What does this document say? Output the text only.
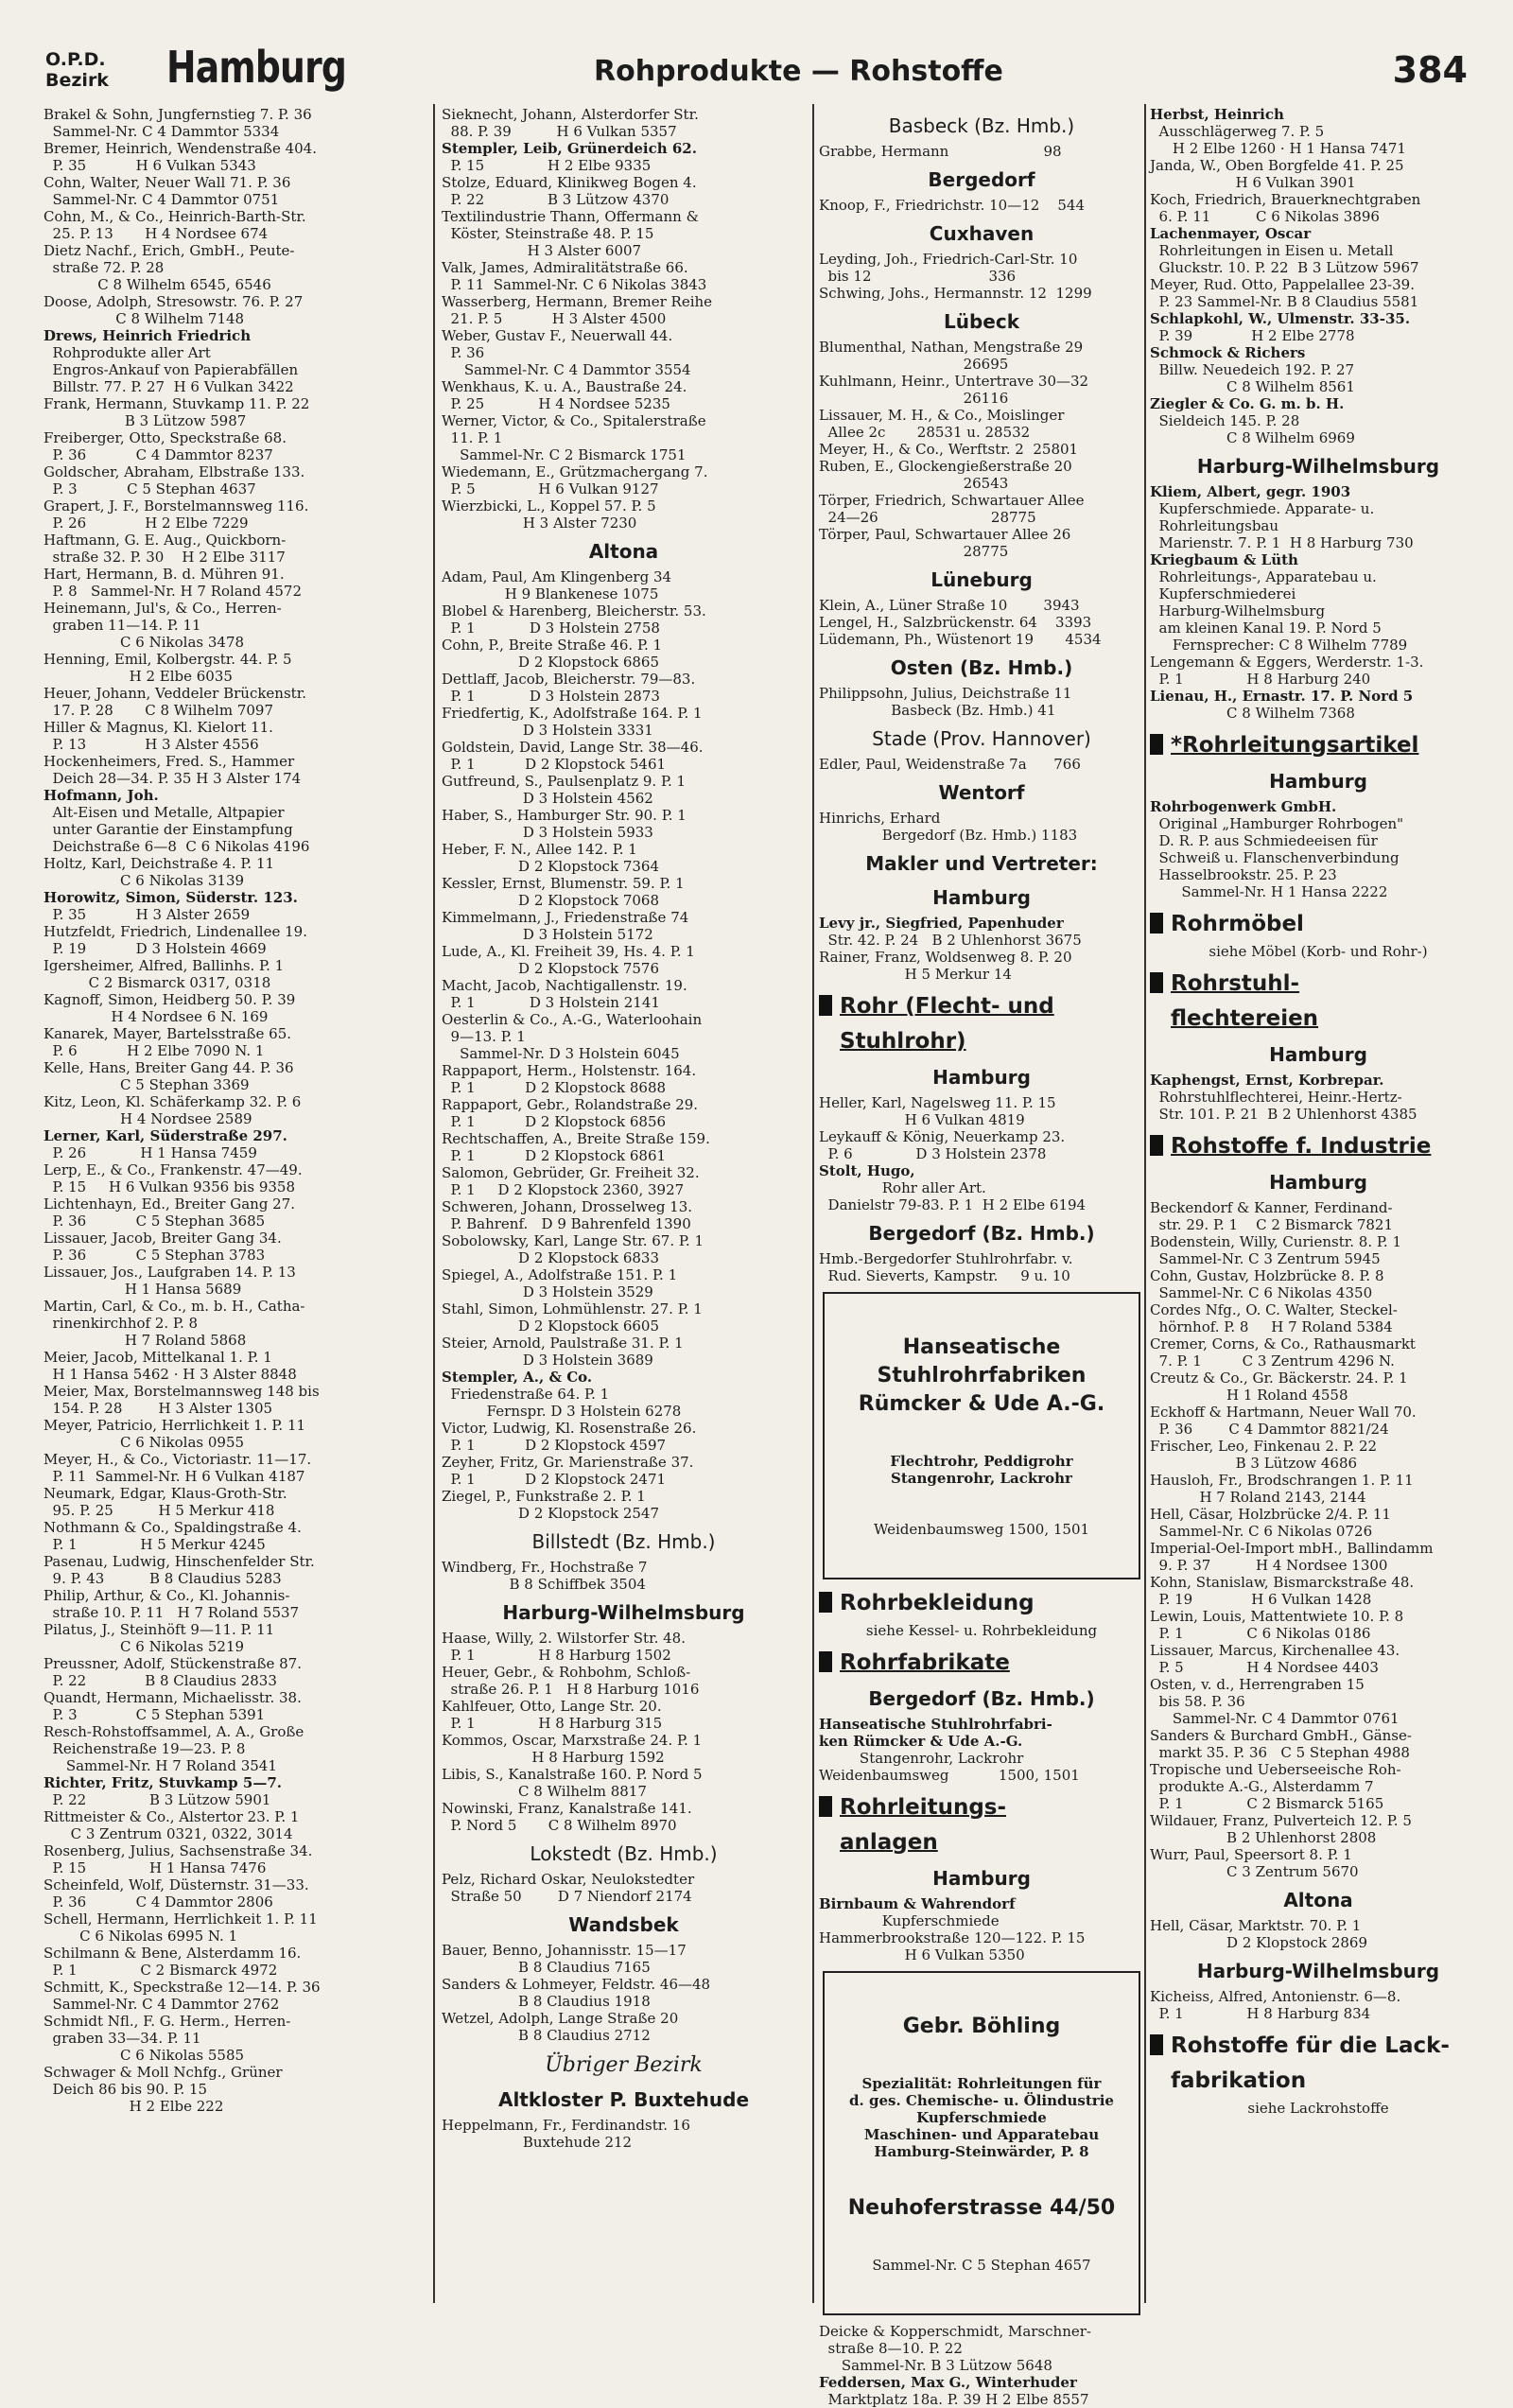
O.P.D.
Bezirk Hamburg	Rohprodukte — Rohstoffe	384
Brakel & Sohn, Jungfernstieg 7. P. 36
Sammel-Nr. C 4 Dammtor 5334
Bremer, Heinrich, Wendenstraße 404.
P. 35           H 6 Vulkan 5343
Cohn, Walter, Neuer Wall 71. P. 36
Sammel-Nr. C 4 Dammtor 0751
Cohn, M., & Co., Heinrich-Barth-Str.
25. P. 13       H 4 Nordsee 674
Dietz Nachf., Erich, GmbH., Peute-
straße 72. P. 28
C 8 Wilhelm 6545, 6546
Doose, Adolph, Stresowstr. 76. P. 27
C 8 Wilhelm 7148
Drews, Heinrich Friedrich
Rohprodukte aller Art
Engros-Ankauf von Papierabfällen
Billstr. 77. P. 27  H 6 Vulkan 3422
Frank, Hermann, Stuvkamp 11. P. 22
B 3 Lützow 5987
Freiberger, Otto, Speckstraße 68.
P. 36           C 4 Dammtor 8237
Goldscher, Abraham, Elbstraße 133.
P. 3           C 5 Stephan 4637
Grapert, J. F., Borstelmannsweg 116.
P. 26             H 2 Elbe 7229
Haftmann, G. E. Aug., Quickborn-
straße 32. P. 30    H 2 Elbe 3117
Hart, Hermann, B. d. Mühren 91.
P. 8   Sammel-Nr. H 7 Roland 4572
Heinemann, Jul's, & Co., Herren-
graben 11—14. P. 11
C 6 Nikolas 3478
Henning, Emil, Kolbergstr. 44. P. 5
H 2 Elbe 6035
Heuer, Johann, Veddeler Brückenstr.
17. P. 28       C 8 Wilhelm 7097
Hiller & Magnus, Kl. Kielort 11.
P. 13             H 3 Alster 4556
Hockenheimers, Fred. S., Hammer
Deich 28—34. P. 35 H 3 Alster 174
Hofmann, Joh.
Alt-Eisen und Metalle, Altpapier
unter Garantie der Einstampfung
Deichstraße 6—8  C 6 Nikolas 4196
Holtz, Karl, Deichstraße 4. P. 11
C 6 Nikolas 3139
Horowitz, Simon, Süderstr. 123.
P. 35           H 3 Alster 2659
Hutzfeldt, Friedrich, Lindenallee 19.
P. 19           D 3 Holstein 4669
Igersheimer, Alfred, Ballinhs. P. 1
C 2 Bismarck 0317, 0318
Kagnoff, Simon, Heidberg 50. P. 39
H 4 Nordsee 6 N. 169
Kanarek, Mayer, Bartelsstraße 65.
P. 6           H 2 Elbe 7090 N. 1
Kelle, Hans, Breiter Gang 44. P. 36
C 5 Stephan 3369
Kitz, Leon, Kl. Schäferkamp 32. P. 6
H 4 Nordsee 2589
Lerner, Karl, Süderstraße 297.
P. 26            H 1 Hansa 7459
Lerp, E., & Co., Frankenstr. 47—49.
P. 15     H 6 Vulkan 9356 bis 9358
Lichtenhayn, Ed., Breiter Gang 27.
P. 36           C 5 Stephan 3685
Lissauer, Jacob, Breiter Gang 34.
P. 36           C 5 Stephan 3783
Lissauer, Jos., Laufgraben 14. P. 13
H 1 Hansa 5689
Martin, Carl, & Co., m. b. H., Catha-
rinenkirchhof 2. P. 8
H 7 Roland 5868
Meier, Jacob, Mittelkanal 1. P. 1
H 1 Hansa 5462 · H 3 Alster 8848
Meier, Max, Borstelmannsweg 148 bis
154. P. 28        H 3 Alster 1305
Meyer, Patricio, Herrlichkeit 1. P. 11
C 6 Nikolas 0955
Meyer, H., & Co., Victoriastr. 11—17.
P. 11  Sammel-Nr. H 6 Vulkan 4187
Neumark, Edgar, Klaus-Groth-Str.
95. P. 25          H 5 Merkur 418
Nothmann & Co., Spaldingstraße 4.
P. 1              H 5 Merkur 4245
Pasenau, Ludwig, Hinschenfelder Str.
9. P. 43          B 8 Claudius 5283
Philip, Arthur, & Co., Kl. Johannis-
straße 10. P. 11   H 7 Roland 5537
Pilatus, J., Steinhöft 9—11. P. 11
C 6 Nikolas 5219
Preussner, Adolf, Stückenstraße 87.
P. 22             B 8 Claudius 2833
Quandt, Hermann, Michaelisstr. 38.
P. 3             C 5 Stephan 5391
Resch-Rohstoffsammel, A. A., Große
Reichenstraße 19—23. P. 8
Sammel-Nr. H 7 Roland 3541
Richter, Fritz, Stuvkamp 5—7.
P. 22              B 3 Lützow 5901
Rittmeister & Co., Alstertor 23. P. 1
C 3 Zentrum 0321, 0322, 3014
Rosenberg, Julius, Sachsenstraße 34.
P. 15              H 1 Hansa 7476
Scheinfeld, Wolf, Düsternstr. 31—33.
P. 36           C 4 Dammtor 2806
Schell, Hermann, Herrlichkeit 1. P. 11
C 6 Nikolas 6995 N. 1
Schilmann & Bene, Alsterdamm 16.
P. 1              C 2 Bismarck 4972
Schmitt, K., Speckstraße 12—14. P. 36
Sammel-Nr. C 4 Dammtor 2762
Schmidt Nfl., F. G. Herm., Herren-
graben 33—34. P. 11
C 6 Nikolas 5585
Schwager & Moll Nchfg., Grüner
Deich 86 bis 90. P. 15
H 2 Elbe 222
Sieknecht, Johann, Alsterdorfer Str.
88. P. 39          H 6 Vulkan 5357
Stempler, Leib, Grünerdeich 62.
P. 15              H 2 Elbe 9335
Stolze, Eduard, Klinikweg Bogen 4.
P. 22              B 3 Lützow 4370
Textilindustrie Thann, Offermann &
Köster, Steinstraße 48. P. 15
H 3 Alster 6007
Valk, James, Admiralitätstraße 66.
P. 11  Sammel-Nr. C 6 Nikolas 3843
Wasserberg, Hermann, Bremer Reihe
21. P. 5           H 3 Alster 4500
Weber, Gustav F., Neuerwall 44.
P. 36
Sammel-Nr. C 4 Dammtor 3554
Wenkhaus, K. u. A., Baustraße 24.
P. 25            H 4 Nordsee 5235
Werner, Victor, & Co., Spitalerstraße
11. P. 1
Sammel-Nr. C 2 Bismarck 1751
Wiedemann, E., Grützmachergang 7.
P. 5              H 6 Vulkan 9127
Wierzbicki, L., Koppel 57. P. 5
H 3 Alster 7230
Altona
Adam, Paul, Am Klingenberg 34
H 9 Blankenese 1075
Blobel & Harenberg, Bleicherstr. 53.
P. 1            D 3 Holstein 2758
Cohn, P., Breite Straße 46. P. 1
D 2 Klopstock 6865
Dettlaff, Jacob, Bleicherstr. 79—83.
P. 1            D 3 Holstein 2873
Friedfertig, K., Adolfstraße 164. P. 1
D 3 Holstein 3331
Goldstein, David, Lange Str. 38—46.
P. 1           D 2 Klopstock 5461
Gutfreund, S., Paulsenplatz 9. P. 1
D 3 Holstein 4562
Haber, S., Hamburger Str. 90. P. 1
D 3 Holstein 5933
Heber, F. N., Allee 142. P. 1
D 2 Klopstock 7364
Kessler, Ernst, Blumenstr. 59. P. 1
D 2 Klopstock 7068
Kimmelmann, J., Friedenstraße 74
D 3 Holstein 5172
Lude, A., Kl. Freiheit 39, Hs. 4. P. 1
D 2 Klopstock 7576
Macht, Jacob, Nachtigallenstr. 19.
P. 1            D 3 Holstein 2141
Oesterlin & Co., A.-G., Waterloohain
9—13. P. 1
Sammel-Nr. D 3 Holstein 6045
Rappaport, Herm., Holstenstr. 164.
P. 1           D 2 Klopstock 8688
Rappaport, Gebr., Rolandstraße 29.
P. 1           D 2 Klopstock 6856
Rechtschaffen, A., Breite Straße 159.
P. 1           D 2 Klopstock 6861
Salomon, Gebrüder, Gr. Freiheit 32.
P. 1     D 2 Klopstock 2360, 3927
Schweren, Johann, Drosselweg 13.
P. Bahrenf.   D 9 Bahrenfeld 1390
Sobolowsky, Karl, Lange Str. 67. P. 1
D 2 Klopstock 6833
Spiegel, A., Adolfstraße 151. P. 1
D 3 Holstein 3529
Stahl, Simon, Lohmühlenstr. 27. P. 1
D 2 Klopstock 6605
Steier, Arnold, Paulstraße 31. P. 1
D 3 Holstein 3689
Stempler, A., & Co.
Friedenstraße 64. P. 1
Fernspr. D 3 Holstein 6278
Victor, Ludwig, Kl. Rosenstraße 26.
P. 1           D 2 Klopstock 4597
Zeyher, Fritz, Gr. Marienstraße 37.
P. 1           D 2 Klopstock 2471
Ziegel, P., Funkstraße 2. P. 1
D 2 Klopstock 2547
Billstedt (Bz. Hmb.)
Windberg, Fr., Hochstraße 7
B 8 Schiffbek 3504
Harburg-Wilhelmsburg
Haase, Willy, 2. Wilstorfer Str. 48.
P. 1              H 8 Harburg 1502
Heuer, Gebr., & Rohbohm, Schloß-
straße 26. P. 1   H 8 Harburg 1016
Kahlfeuer, Otto, Lange Str. 20.
P. 1              H 8 Harburg 315
Kommos, Oscar, Marxstraße 24. P. 1
H 8 Harburg 1592
Libis, S., Kanalstraße 160. P. Nord 5
C 8 Wilhelm 8817
Nowinski, Franz, Kanalstraße 141.
P. Nord 5       C 8 Wilhelm 8970
Lokstedt (Bz. Hmb.)
Pelz, Richard Oskar, Neulokstedter
Straße 50        D 7 Niendorf 2174
Wandsbek
Bauer, Benno, Johannisstr. 15—17
B 8 Claudius 7165
Sanders & Lohmeyer, Feldstr. 46—48
B 8 Claudius 1918
Wetzel, Adolph, Lange Straße 20
B 8 Claudius 2712
Übriger Bezirk
Altkloster P. Buxtehude
Heppelmann, Fr., Ferdinandstr. 16
Buxtehude 212
Basbeck (Bz. Hmb.)
Grabbe, Hermann                     98
Bergedorf
Knoop, F., Friedrichstr. 10—12    544
Cuxhaven
Leyding, Joh., Friedrich-Carl-Str. 10
bis 12                          336
Schwing, Johs., Hermannstr. 12  1299
Lübeck
Blumenthal, Nathan, Mengstraße 29
26695
Kuhlmann, Heinr., Untertrave 30—32
26116
Lissauer, M. H., & Co., Moislinger
Allee 2c       28531 u. 28532
Meyer, H., & Co., Werftstr. 2  25801
Ruben, E., Glockengießerstraße 20
26543
Törper, Friedrich, Schwartauer Allee
24—26                         28775
Törper, Paul, Schwartauer Allee 26
28775
Lüneburg
Klein, A., Lüner Straße 10        3943
Lengel, H., Salzbrückenstr. 64    3393
Lüdemann, Ph., Wüstenort 19       4534
Osten (Bz. Hmb.)
Philippsohn, Julius, Deichstraße 11
Basbeck (Bz. Hmb.) 41
Stade (Prov. Hannover)
Edler, Paul, Weidenstraße 7a      766
Wentorf
Hinrichs, Erhard
Bergedorf (Bz. Hmb.) 1183
Makler und Vertreter:
Hamburg
Levy jr., Siegfried, Papenhuder
Str. 42. P. 24   B 2 Uhlenhorst 3675
Rainer, Franz, Woldsenweg 8. P. 20
H 5 Merkur 14
Rohr (Flecht- und
Stuhlrohr)
Hamburg
Heller, Karl, Nagelsweg 11. P. 15
H 6 Vulkan 4819
Leykauff & König, Neuerkamp 23.
P. 6              D 3 Holstein 2378
Stolt, Hugo,
Rohr aller Art.
Danielstr 79-83. P. 1  H 2 Elbe 6194
Bergedorf (Bz. Hmb.)
Hmb.-Bergedorfer Stuhlrohrfabr. v.
Rud. Sieverts, Kampstr.     9 u. 10

Hanseatische Stuhlrohrfabriken Rümcker & Ude A.-G.

Flechtrohr, Peddigrohr
Stangenrohr, Lackrohr

Weidenbaumsweg 1500, 1501

Rohrbekleidung
siehe Kessel- u. Rohrbekleidung
Rohrfabrikate
Bergedorf (Bz. Hmb.)
Hanseatische Stuhlrohrfabri-
ken Rümcker & Ude A.-G.
Stangenrohr, Lackrohr
Weidenbaumsweg           1500, 1501
Rohrleitungs-
anlagen
Hamburg
Birnbaum & Wahrendorf
Kupferschmiede
Hammerbrookstraße 120—122. P. 15
H 6 Vulkan 5350

Gebr. Böhling

Spezialität: Rohrleitungen für
d. ges. Chemische- u. Ölindustrie
Kupferschmiede
Maschinen- und Apparatebau
Hamburg-Steinwärder, P. 8

Neuhoferstrasse 44/50

Sammel-Nr. C 5 Stephan 4657

Deicke & Kopperschmidt, Marschner-
straße 8—10. P. 22
Sammel-Nr. B 3 Lützow 5648
Feddersen, Max G., Winterhuder
Marktplatz 18a. P. 39 H 2 Elbe 8557
Herbst, Heinrich
Ausschlägerweg 7. P. 5
H 2 Elbe 1260 · H 1 Hansa 7471
Janda, W., Oben Borgfelde 41. P. 25
H 6 Vulkan 3901
Koch, Friedrich, Brauerknechtgraben
6. P. 11          C 6 Nikolas 3896
Lachenmayer, Oscar
Rohrleitungen in Eisen u. Metall
Gluckstr. 10. P. 22  B 3 Lützow 5967
Meyer, Rud. Otto, Pappelallee 23-39.
P. 23 Sammel-Nr. B 8 Claudius 5581
Schlapkohl, W., Ulmenstr. 33-35.
P. 39             H 2 Elbe 2778
Schmock & Richers
Billw. Neuedeich 192. P. 27
C 8 Wilhelm 8561
Ziegler & Co. G. m. b. H.
Sieldeich 145. P. 28
C 8 Wilhelm 6969
Harburg-Wilhelmsburg
Kliem, Albert, gegr. 1903
Kupferschmiede. Apparate- u.
Rohrleitungsbau
Marienstr. 7. P. 1  H 8 Harburg 730
Kriegbaum & Lüth
Rohrleitungs-, Apparatebau u.
Kupferschmiederei
Harburg-Wilhelmsburg
am kleinen Kanal 19. P. Nord 5
Fernsprecher: C 8 Wilhelm 7789
Lengemann & Eggers, Werderstr. 1-3.
P. 1              H 8 Harburg 240
Lienau, H., Ernastr. 17. P. Nord 5
C 8 Wilhelm 7368
*Rohrleitungsartikel
Hamburg
Rohrbogenwerk GmbH.
Original „Hamburger Rohrbogen"
D. R. P. aus Schmiedeeisen für
Schweiß u. Flanschenverbindung
Hasselbrookstr. 25. P. 23
Sammel-Nr. H 1 Hansa 2222
Rohrmöbel
siehe Möbel (Korb- und Rohr-)
Rohrstuhl-
flechtereien
Hamburg
Kaphengst, Ernst, Korbrepar.
Rohrstuhlflechterei, Heinr.-Hertz-
Str. 101. P. 21  B 2 Uhlenhorst 4385
Rohstoffe f. Industrie
Hamburg
Beckendorf & Kanner, Ferdinand-
str. 29. P. 1    C 2 Bismarck 7821
Bodenstein, Willy, Curienstr. 8. P. 1
Sammel-Nr. C 3 Zentrum 5945
Cohn, Gustav, Holzbrücke 8. P. 8
Sammel-Nr. C 6 Nikolas 4350
Cordes Nfg., O. C. Walter, Steckel-
hörnhof. P. 8     H 7 Roland 5384
Cremer, Corns, & Co., Rathausmarkt
7. P. 1         C 3 Zentrum 4296 N.
Creutz & Co., Gr. Bäckerstr. 24. P. 1
H 1 Roland 4558
Eckhoff & Hartmann, Neuer Wall 70.
P. 36        C 4 Dammtor 8821/24
Frischer, Leo, Finkenau 2. P. 22
B 3 Lützow 4686
Hausloh, Fr., Brodschrangen 1. P. 11
H 7 Roland 2143, 2144
Hell, Cäsar, Holzbrücke 2/4. P. 11
Sammel-Nr. C 6 Nikolas 0726
Imperial-Oel-Import mbH., Ballindamm
9. P. 37          H 4 Nordsee 1300
Kohn, Stanislaw, Bismarckstraße 48.
P. 19             H 6 Vulkan 1428
Lewin, Louis, Mattentwiete 10. P. 8
P. 1              C 6 Nikolas 0186
Lissauer, Marcus, Kirchenallee 43.
P. 5              H 4 Nordsee 4403
Osten, v. d., Herrengraben 15
bis 58. P. 36
Sammel-Nr. C 4 Dammtor 0761
Sanders & Burchard GmbH., Gänse-
markt 35. P. 36   C 5 Stephan 4988
Tropische und Ueberseeische Roh-
produkte A.-G., Alsterdamm 7
P. 1              C 2 Bismarck 5165
Wildauer, Franz, Pulverteich 12. P. 5
B 2 Uhlenhorst 2808
Wurr, Paul, Speersort 8. P. 1
C 3 Zentrum 5670
Altona
Hell, Cäsar, Marktstr. 70. P. 1
D 2 Klopstock 2869
Harburg-Wilhelmsburg
Kicheiss, Alfred, Antonienstr. 6—8.
P. 1              H 8 Harburg 834
Rohstoffe für die Lack-
fabrikation
siehe Lackrohstoffe
